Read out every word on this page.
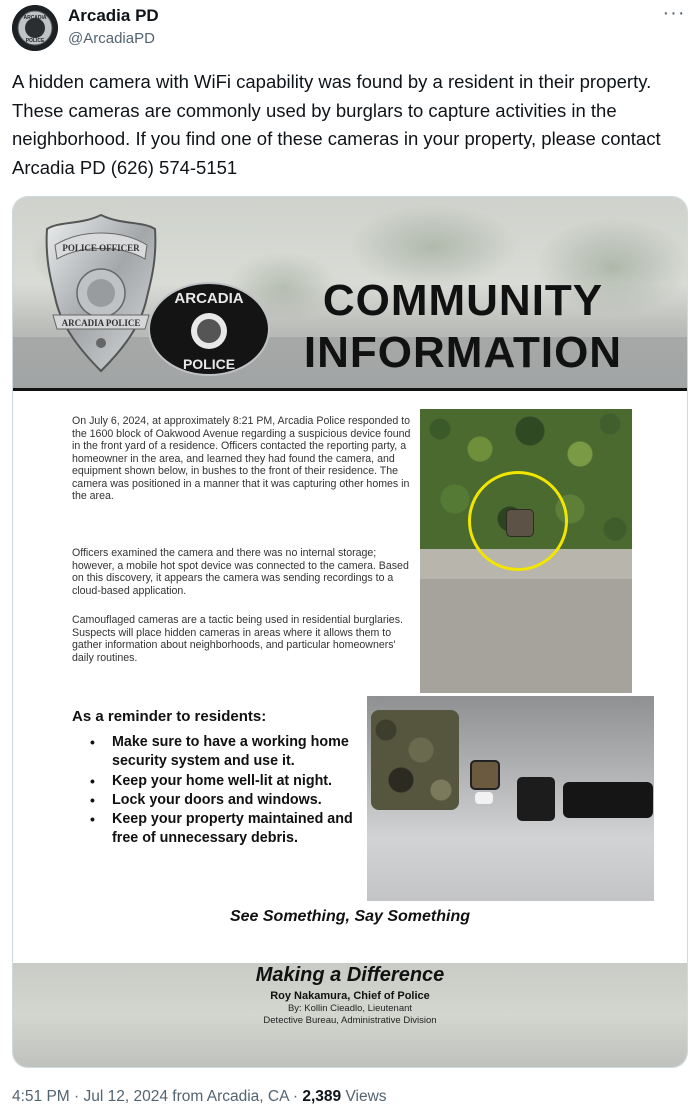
ARCADIA
POLICE
Arcadia PD
@ArcadiaPD
···

A hidden camera with WiFi capability was found by a resident in their property. These cameras are commonly used by burglars to capture activities in the neighborhood. If you find one of these cameras in your property, please contact Arcadia PD (626) 574-5151

POLICE OFFICER
ARCADIA POLICE
ARCADIA
POLICE
COMMUNITY INFORMATION

On July 6, 2024, at approximately 8:21 PM, Arcadia Police responded to the 1600 block of Oakwood Avenue regarding a suspicious device found in the front yard of a residence. Officers contacted the reporting party, a homeowner in the area, and learned they had found the camera, and equipment shown below, in bushes to the front of their residence. The camera was positioned in a manner that it was capturing other homes in the area.

Officers examined the camera and there was no internal storage; however, a mobile hot spot device was connected to the camera. Based on this discovery, it appears the camera was sending recordings to a cloud-based application.

Camouflaged cameras are a tactic being used in residential burglaries. Suspects will place hidden cameras in areas where it allows them to gather information about neighborhoods, and particular homeowners' daily routines.

As a reminder to residents:

• Make sure to have a working home security system and use it.
• Keep your home well-lit at night.
• Lock your doors and windows.
• Keep your property maintained and free of unnecessary debris.

See Something, Say Something

Making a Difference

Roy Nakamura, Chief of Police

By: Kollin Cieadlo, Lieutenant

Detective Bureau, Administrative Division

4:51 PM · Jul 12, 2024 from Arcadia, CA · 2,389 Views
